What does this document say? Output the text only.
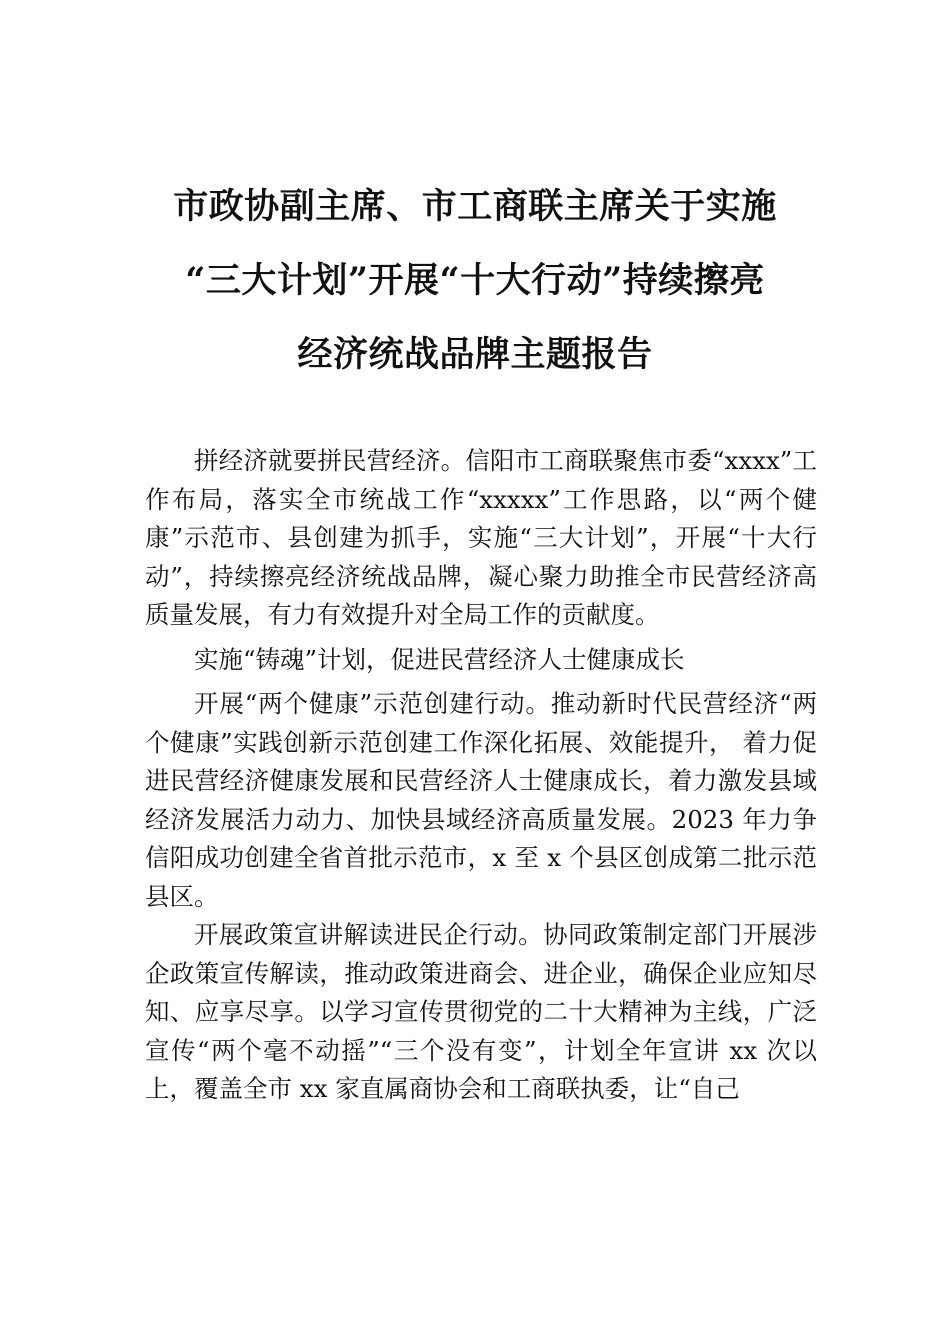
市政协副主席、市工商联主席关于实施
“三大计划”开展“十大行动”持续擦亮
经济统战品牌主题报告

拼经济就要拼民营经济。信阳市工商联聚焦市委“xxxx”工作布局，落实全市统战工作“xxxxx”工作思路，以“两个健康”示范市、县创建为抓手，实施“三大计划”，开展“十大行动”，持续擦亮经济统战品牌，凝心聚力助推全市民营经济高质量发展，有力有效提升对全局工作的贡献度。

实施“铸魂”计划，促进民营经济人士健康成长

开展“两个健康”示范创建行动。推动新时代民营经济“两个健康”实践创新示范创建工作深化拓展、效能提升， 着力促进民营经济健康发展和民营经济人士健康成长，着力激发县域经济发展活力动力、加快县域经济高质量发展。2023 年力争信阳成功创建全省首批示范市，x 至 x 个县区创成第二批示范县区。

开展政策宣讲解读进民企行动。协同政策制定部门开展涉企政策宣传解读，推动政策进商会、进企业，确保企业应知尽知、应享尽享。以学习宣传贯彻党的二十大精神为主线，广泛宣传“两个毫不动摇”“三个没有变”，计划全年宣讲 xx 次以上，覆盖全市 xx 家直属商协会和工商联执委，让“自己
